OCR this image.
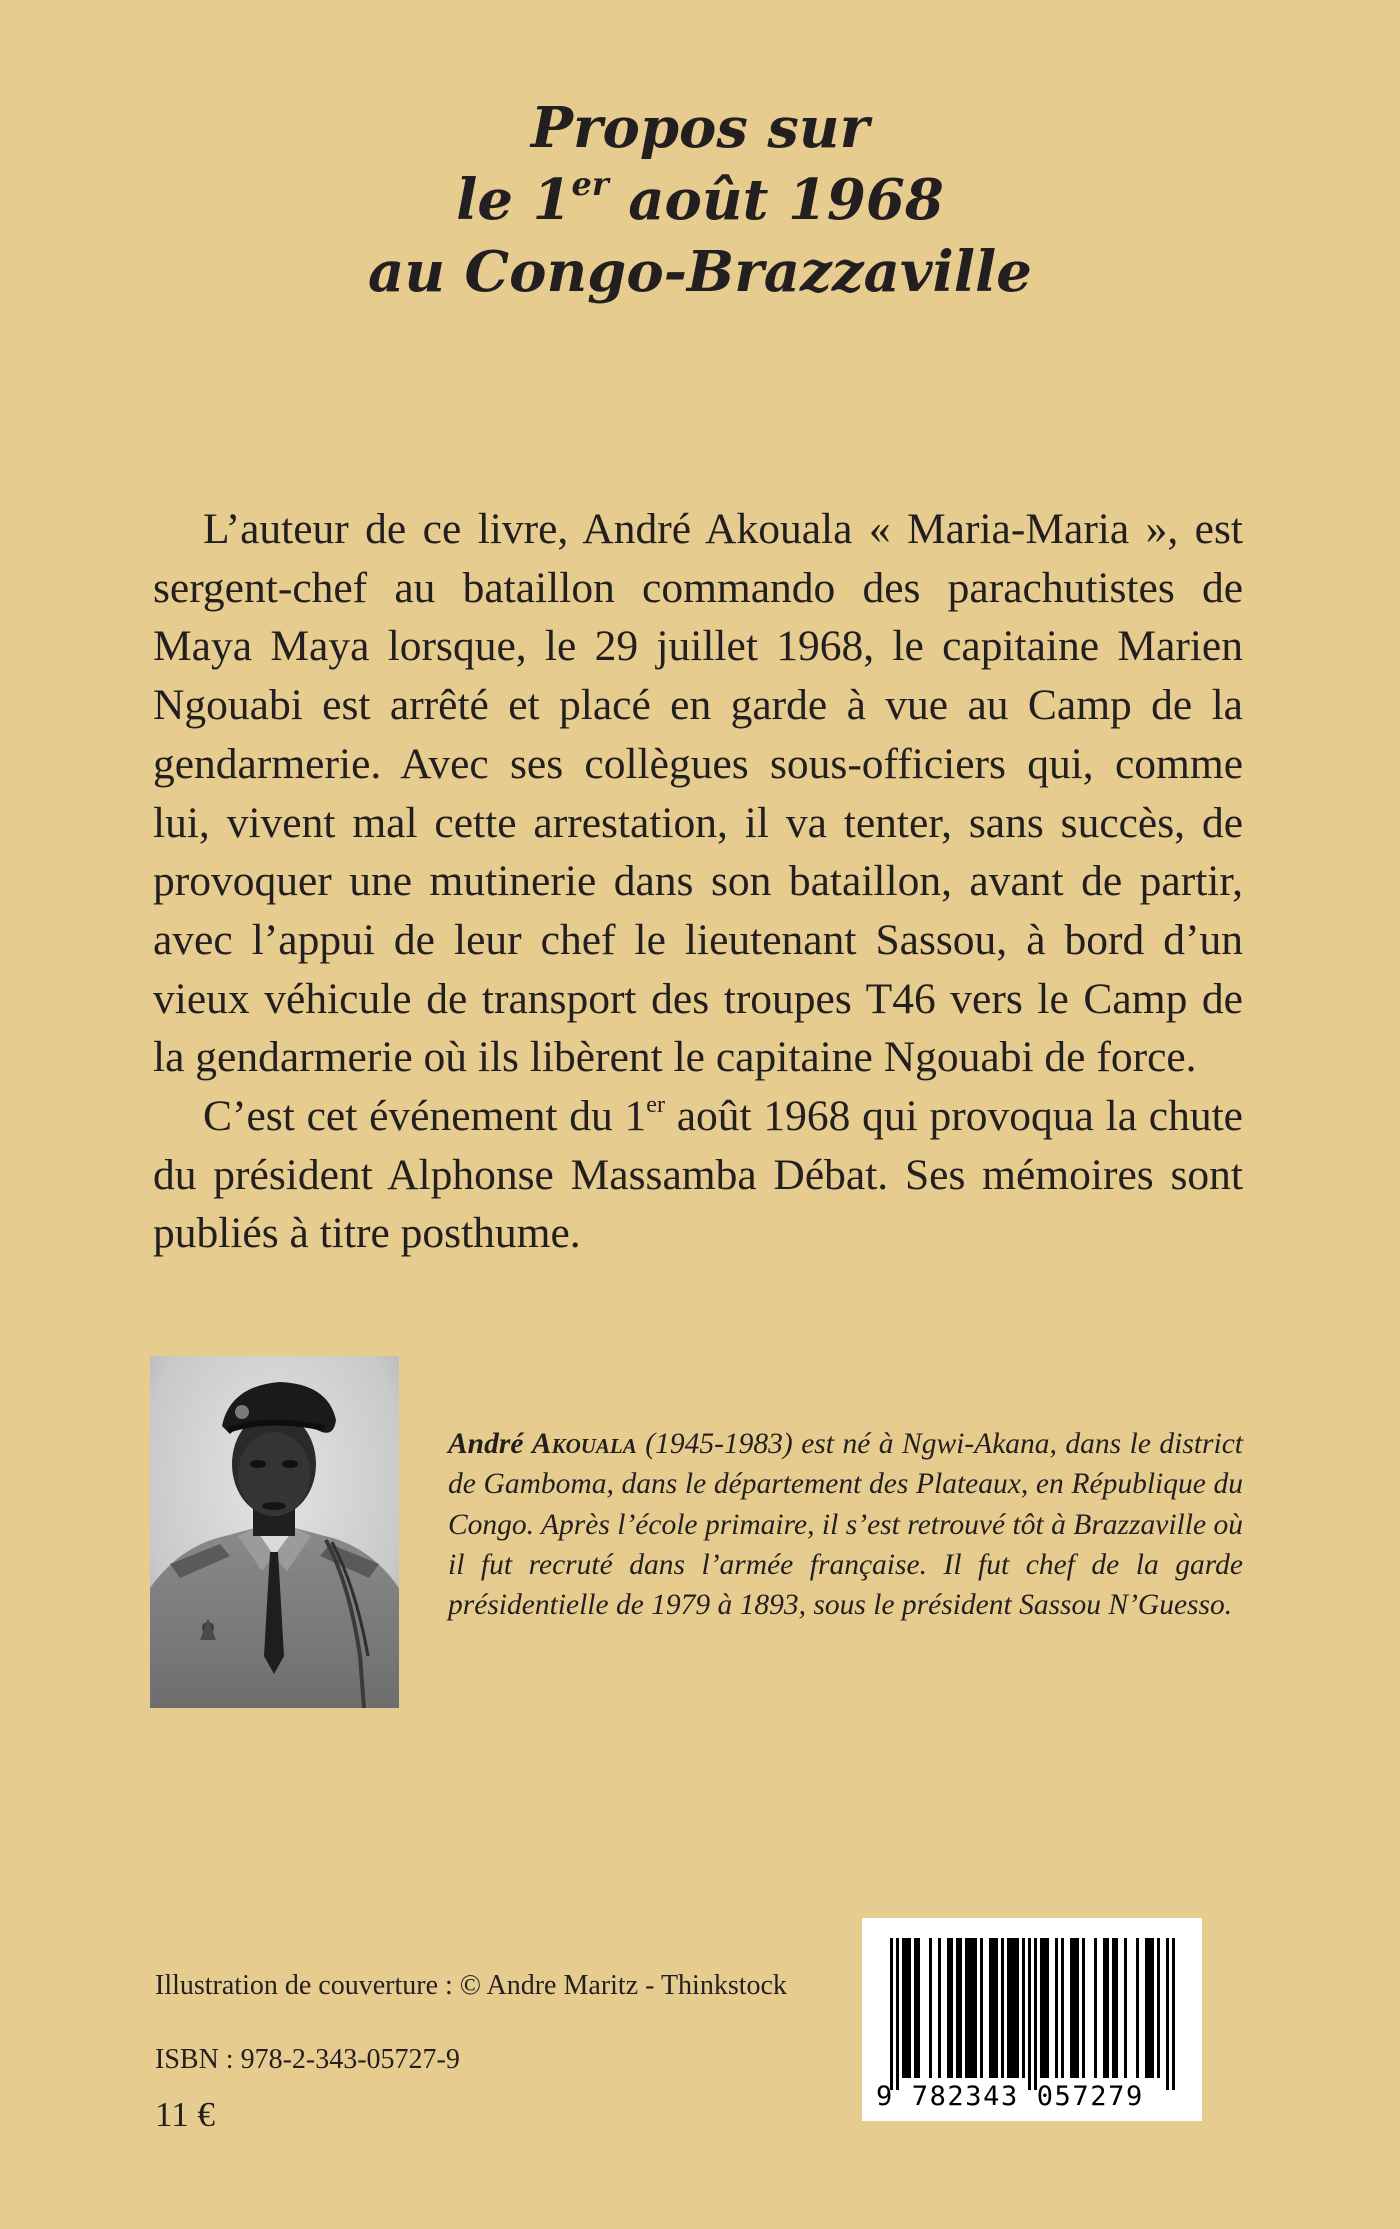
Propos sur
le 1er août 1968
au Congo-Brazzaville

L’auteur de ce livre, André Akouala « Maria-Maria », est sergent-chef au bataillon commando des parachutistes de Maya Maya lorsque, le 29 juillet 1968, le capitaine Marien Ngouabi est arrêté et placé en garde à vue au Camp de la gendarmerie. Avec ses collègues sous-officiers qui, comme lui, vivent mal cette arrestation, il va tenter, sans succès, de provoquer une mutinerie dans son bataillon, avant de partir, avec l’appui de leur chef le lieutenant Sassou, à bord d’un vieux véhicule de transport des troupes T46 vers le Camp de la gendarmerie où ils libèrent le capitaine Ngouabi de force.

C’est cet événement du 1er août 1968 qui provoqua la chute du président Alphonse Massamba Débat. Ses mémoires sont publiés à titre posthume.

André Akouala (1945-1983) est né à Ngwi-Akana, dans le district de Gamboma, dans le département des Plateaux, en République du Congo. Après l’école primaire, il s’est retrouvé tôt à Brazzaville où il fut recruté dans l’armée française. Il fut chef de la garde présidentielle de 1979 à 1893, sous le président Sassou N’Guesso.

Illustration de couverture : © Andre Maritz - Thinkstock
ISBN : 978-2-343-05727-9
11 €	9 782343 057279
